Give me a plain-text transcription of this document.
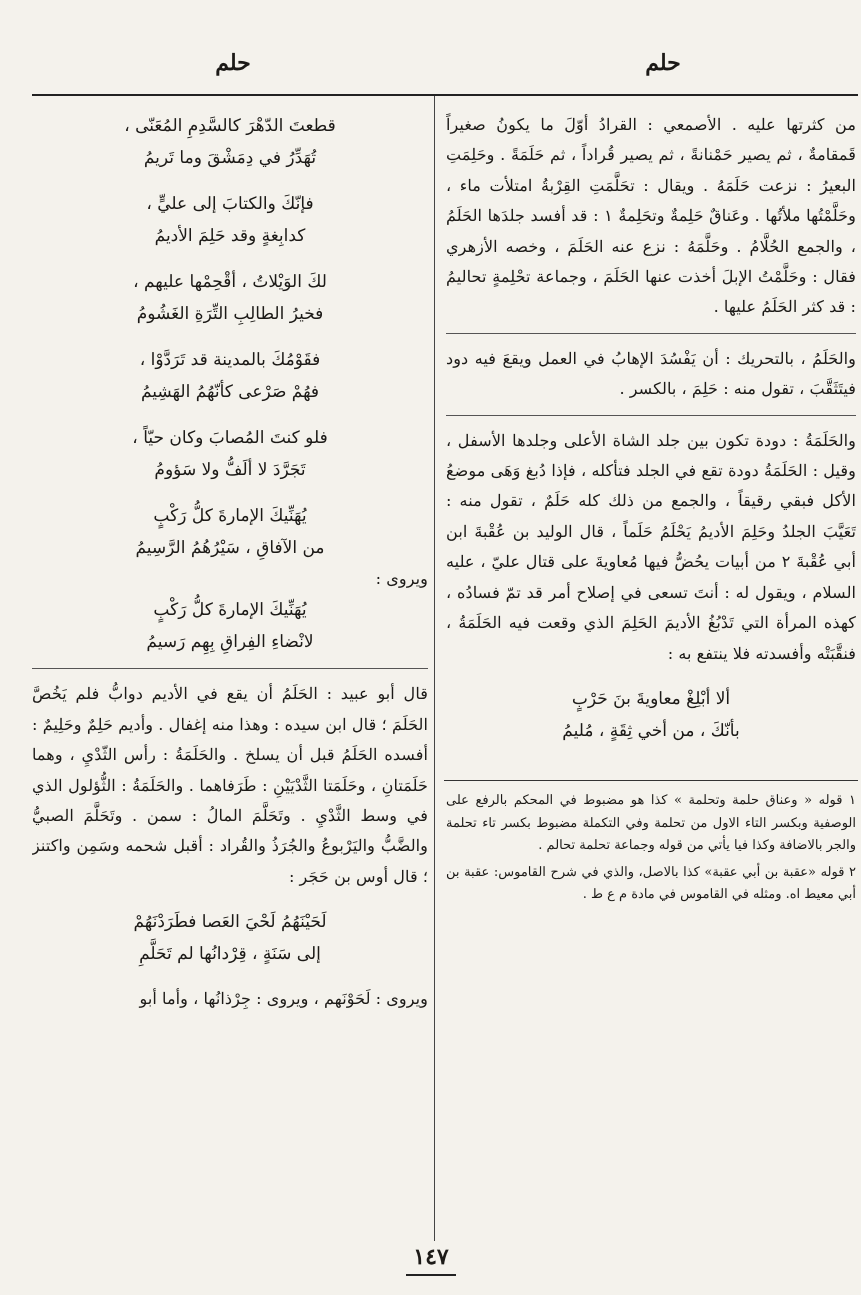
حلم
حلم

من كثرتها عليه . الأصمعي : القرادُ أوّلَ ما يكونُ صغيراً قَمقامةٌ ، ثم يصير حَمْنانةً ، ثم يصير قُراداً ، ثم حَلَمَةً . وحَلِمَتِ البعيرُ : نزعت حَلَمَهُ . ويقال : تحَلَّمَتِ القِرْبةُ امتلأت ماء ، وحَلَّمْتُها ملأتُها . وعَناقٌ حَلِمةٌ وتحَلِمةٌ ١ : قد أفسد جلدَها الحَلَمُ ، والجمع الحُلَّامُ . وحَلَّمَهُ : نزع عنه الحَلَمَ ، وخصه الأزهري فقال : وحَلَّمْتُ الإبلَ أخذت عنها الحَلَمَ ، وجماعة تحْلِمةٍ تحاليمُ : قد كثر الحَلَمُ عليها .

والحَلَمُ ، بالتحريك : أن يَفْسُدَ الإهابُ في العمل ويقعَ فيه دود فيتَثَقَّبَ ، تقول منه : حَلِمَ ، بالكسر .

والحَلَمَةُ : دودة تكون بين جلد الشاة الأعلى وجلدها الأسفل ، وقيل : الحَلَمَةُ دودة تقع في الجلد فتأكله ، فإذا دُبغ وَهَى موضعُ الأكل فبقي رقيقاً ، والجمع من ذلك كله حَلَمٌ ، تقول منه : تَعَيَّبَ الجلدُ وحَلِمَ الأديمُ يَحْلَمُ حَلَماً ، قال الوليد بن عُقْبةَ ابن أبي عُقْبةَ ٢ من أبيات يحُضُّ فيها مُعاويةَ على قتال عليّ ، عليه السلام ، ويقول له : أنتَ تسعى في إصلاح أمر قد تمّ فسادُه ، كهذه المرأة التي تَدْبُغُ الأديمَ الحَلِمَ الذي وقعت فيه الحَلَمَةُ ، فنقَّبَتْه وأفسدته فلا ينتفع به :

ألا أبْلِغْ معاويةَ بنَ حَرْبٍ
بأنّكَ ، من أخي ثِقَةٍ ، مُليمُ

١ قوله « وعناق حلمة وتحلمة » كذا هو مضبوط في المحكم بالرفع على الوصفية وبكسر التاء الاول من تحلمة وفي التكملة مضبوط بكسر تاء تحلمة والجر بالاضافة وكذا فيا يأتي من قوله وجماعة تحلمة تحالم .

٢ قوله «عقبة بن أبي عقبة» كذا بالاصل، والذي في شرح القاموس: عقبة بن أبي معيط اه. ومثله في القاموس في مادة م ع ط .

قطعتَ الدّهْرَ كالسَّدِمِ المُعَنّى ،
تُهَدِّرُ في دِمَشْقَ وما تَريمُ
فإنّكَ والكتابَ إلى عليٍّ ،
كدابِغةٍ وقد حَلِمَ الأديمُ
لكَ الوَيْلاتُ ، أقْحِمْها عليهم ،
فخيرُ الطالِبِ التِّرَةِ الغَشُومُ
فقَوْمُكَ بالمدينة قد تَرَدَّوْا ،
فهُمْ صَرْعى كأنّهُمُ الهَشِيمُ
فلو كنتَ المُصابَ وكان حيّاً ،
تَجَرَّدَ لا ألَفُّ ولا سَؤومُ
يُهَنِّيكَ الإمارةَ كلُّ رَكْبٍ
من الآفاقِ ، سَيْرُهُمُ الرَّسِيمُ

ويروى :

يُهَنِّيكَ الإمارةَ كلُّ رَكْبٍ
لانْضاءِ الفِراقِ بِهِم رَسيمُ

قال أبو عبيد : الحَلَمُ أن يقع في الأديم دوابُّ فلم يَخُصَّ الحَلَمَ ؛ قال ابن سيده : وهذا منه إغفال . وأديم حَلِمٌ وحَلِيمٌ : أفسده الحَلَمُ قبل أن يسلخ . والحَلَمَةُ : رأس الثّدْيِ ، وهما حَلَمَتانِ ، وحَلَمَتا الثَّدْيَيْنِ : طَرَفاهما . والحَلَمَةُ : الثُّؤلول الذي في وسط الثَّدْيِ . وتَحَلَّمَ المالُ : سمن . وتَحَلَّمَ الصبيُّ والضَّبُّ واليَرْبوعُ والجُرَذُ والقُراد : أقبل شحمه وسَمِن واكتنز ؛ قال أوس بن حَجَر :

لَحَيْنَهُمُ لَحْيَ العَصا فطَرَدْنَهُمْ
إلى سَنَةٍ ، قِرْدانُها لم تَحَلَّمِ

ويروى : لَحَوْنَهم ، ويروى : جِرْذانُها ، وأما أبو

١٤٧
